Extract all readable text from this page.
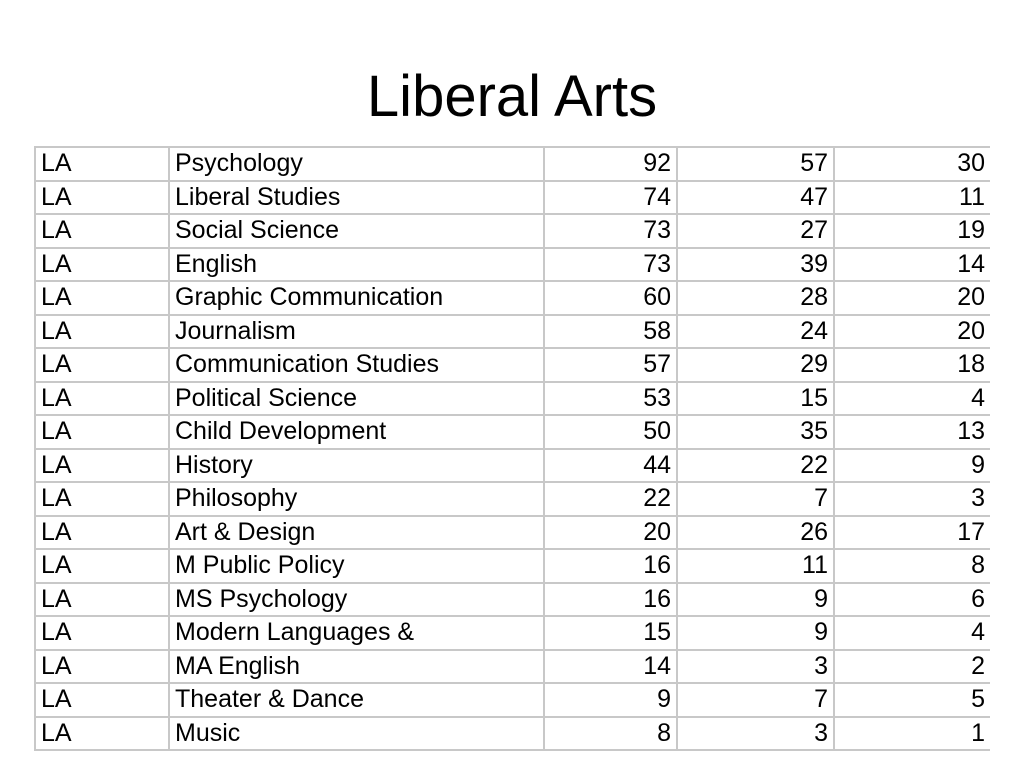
Liberal Arts
LA	Psychology	92	57	30
LA	Liberal Studies	74	47	11
LA	Social Science	73	27	19
LA	English	73	39	14
LA	Graphic Communication	60	28	20
LA	Journalism	58	24	20
LA	Communication Studies	57	29	18
LA	Political Science	53	15	4
LA	Child Development	50	35	13
LA	History	44	22	9
LA	Philosophy	22	7	3
LA	Art & Design	20	26	17
LA	M Public Policy	16	11	8
LA	MS Psychology	16	9	6
LA	Modern Languages &	15	9	4
LA	MA English	14	3	2
LA	Theater & Dance	9	7	5
LA	Music	8	3	1
